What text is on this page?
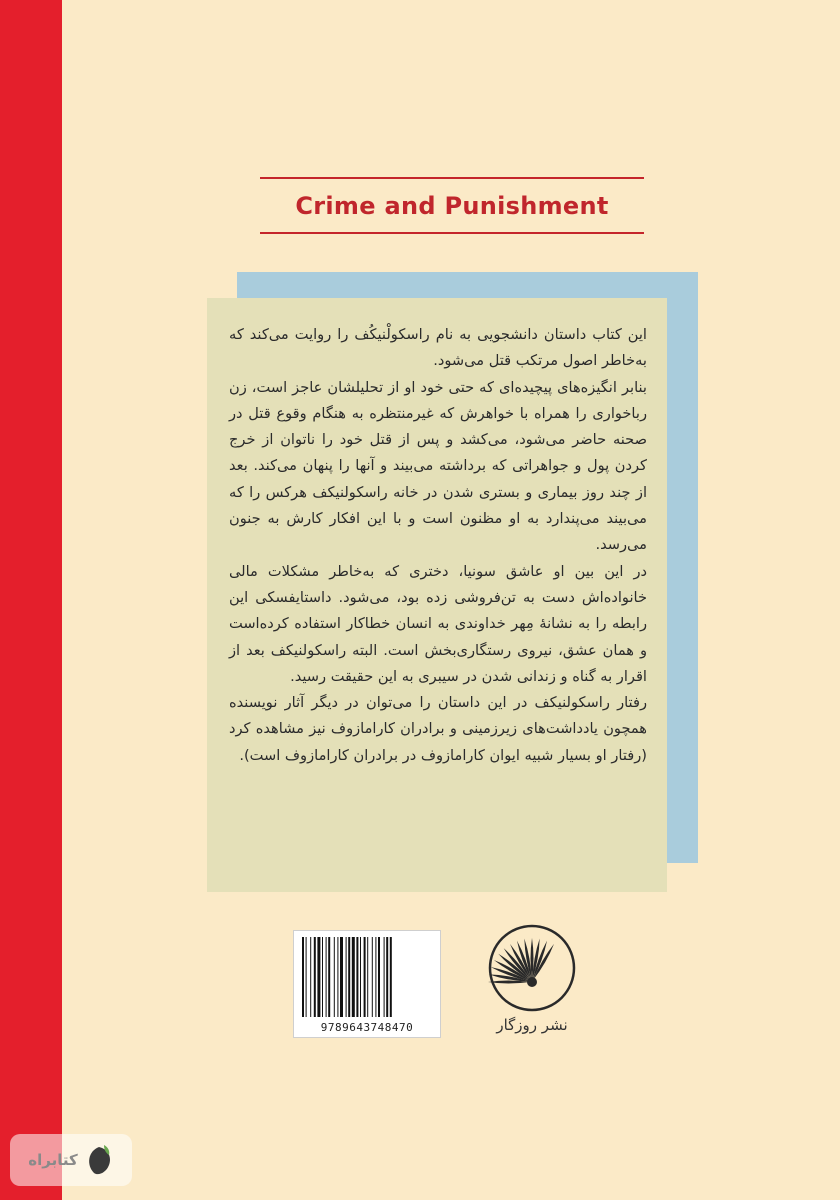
Crime and Punishment

این کتاب داستان دانشجویی به نام راسکولْنیکُف را روایت می‌کند که به‌خاطر اصول مرتکب قتل می‌شود.

بنابر انگیزه‌های پیچیده‌ای که حتی خود او از تحلیلشان عاجز است، زن رباخواری را همراه با خواهرش که غیرمنتظره به هنگام وقوع قتل در صحنه حاضر می‌شود، می‌کشد و پس از قتل خود را ناتوان از خرج کردن پول و جواهراتی که برداشته می‌بیند و آنها را پنهان می‌کند. بعد از چند روز بیماری و بستری شدن در خانه راسکولنیکف هرکس را که می‌بیند می‌پندارد به او مظنون است و با این افکار کارش به جنون می‌رسد.

در این بین او عاشق سونیا، دختری که به‌خاطر مشکلات مالی خانواده‌اش دست به تن‌فروشی زده بود، می‌شود. داستایفسکی این رابطه را به نشانهٔ مِهر خداوندی به انسان خطاکار استفاده کرده‌است و همان عشق، نیروی رستگاری‌بخش است. البته راسکولنیکف بعد از اقرار به گناه و زندانی شدن در سیبری به این حقیقت رسید.

رفتار راسکولنیکف در این داستان را می‌توان در دیگر آثار نویسنده همچون یادداشت‌های زیرزمینی و برادران کارامازوف نیز مشاهده کرد (رفتار او بسیار شبیه ایوان کارامازوف در برادران کارامازوف است).

9789643748470	نشر روزگار
کتابراه
